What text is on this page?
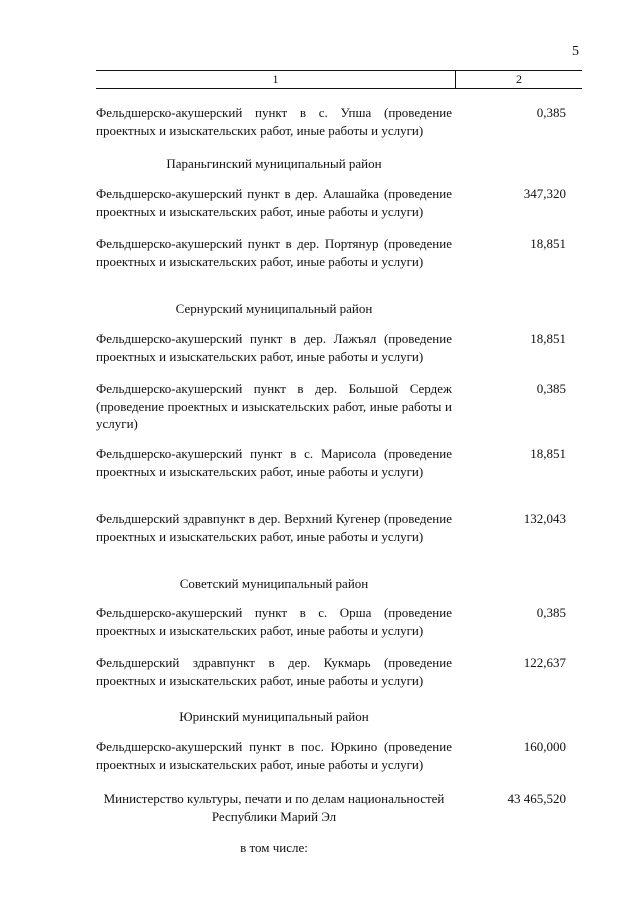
5
1	2
Фельдшерско-акушерский пункт в с. Упша (проведение проектных и изыскательских работ, иные работы и услуги)
0,385
Параньгинский муниципальный район
Фельдшерско-акушерский пункт в дер. Алашайка (проведение проектных и изыскательских работ, иные работы и услуги)
347,320
Фельдшерско-акушерский пункт в дер. Портянур (проведение проектных и изыскательских работ, иные работы и услуги)
18,851
Сернурский муниципальный район
Фельдшерско-акушерский пункт в дер. Лажъял (проведение проектных и изыскательских работ, иные работы и услуги)
18,851
Фельдшерско-акушерский пункт в дер. Большой Сердеж (проведение проектных и изыскательских работ, иные работы и услуги)
0,385
Фельдшерско-акушерский пункт в с. Марисола (проведение проектных и изыскательских работ, иные работы и услуги)
18,851
Фельдшерский здравпункт в дер. Верхний Кугенер (проведение проектных и изыскательских работ, иные работы и услуги)
132,043
Советский муниципальный район
Фельдшерско-акушерский пункт в с. Орша (проведение проектных и изыскательских работ, иные работы и услуги)
0,385
Фельдшерский здравпункт в дер. Кукмарь (проведение проектных и изыскательских работ, иные работы и услуги)
122,637
Юринский муниципальный район
Фельдшерско-акушерский пункт в пос. Юркино (проведение проектных и изыскательских работ, иные работы и услуги)
160,000
Министерство культуры, печати и по делам национальностей Республики Марий Эл
43 465,520
в том числе:
